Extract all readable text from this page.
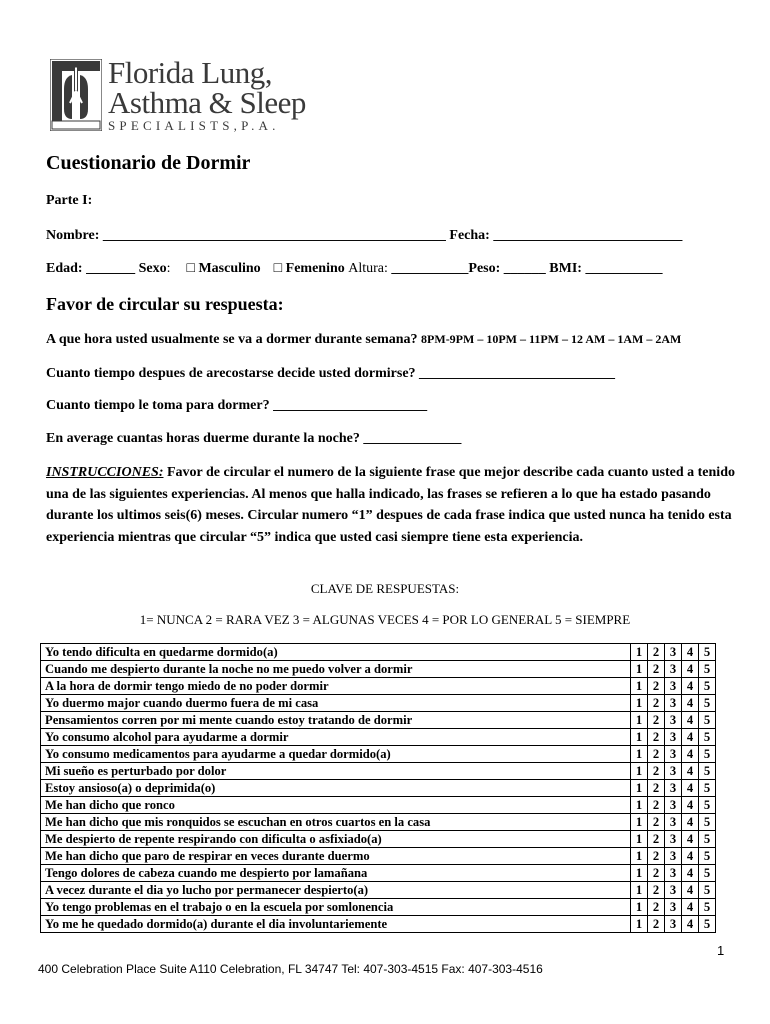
Florida Lung,
Asthma & Sleep
SPECIALISTS,P.A.
Cuestionario de Dormir
Parte I:
Nombre: _________________________________________________ Fecha: ___________________________
Edad: _______ Sexo: □ Masculino □ Femenino Altura: ___________Peso: ______ BMI: ___________
Favor de circular su respuesta:
A que hora usted usualmente se va a dormer durante semana? 8PM-9PM – 10PM – 11PM – 12 AM – 1AM – 2AM
Cuanto tiempo despues de arecostarse decide usted dormirse? ____________________________
Cuanto tiempo le toma para dormer? ______________________
En average cuantas horas duerme durante la noche? ______________
INSTRUCCIONES: Favor de circular el numero de la siguiente frase que mejor describe cada cuanto usted a tenido una de las siguientes experiencias. Al menos que halla indicado, las frases se refieren a lo que ha estado pasando durante los ultimos seis(6) meses. Circular numero “1” despues de cada frase indica que usted nunca ha tenido esta experiencia mientras que circular “5” indica que usted casi siempre tiene esta experiencia.
CLAVE DE RESPUESTAS:
1= NUNCA 2 = RARA VEZ 3 = ALGUNAS VECES 4 = POR LO GENERAL 5 = SIEMPRE
Yo tendo dificulta en quedarme dormido(a)	1	2	3	4	5
Cuando me despierto durante la noche no me puedo volver a dormir	1	2	3	4	5
A la hora de dormir tengo miedo de no poder dormir	1	2	3	4	5
Yo duermo major cuando duermo fuera de mi casa	1	2	3	4	5
Pensamientos corren por mi mente cuando estoy tratando de dormir	1	2	3	4	5
Yo consumo alcohol para ayudarme a dormir	1	2	3	4	5
Yo consumo medicamentos para ayudarme a quedar dormido(a)	1	2	3	4	5
Mi sueño es perturbado por dolor	1	2	3	4	5
Estoy ansioso(a) o deprimida(o)	1	2	3	4	5
Me han dicho que ronco	1	2	3	4	5
Me han dicho que mis ronquidos se escuchan en otros cuartos en la casa	1	2	3	4	5
Me despierto de repente respirando con dificulta o asfixiado(a)	1	2	3	4	5
Me han dicho que paro de respirar en veces durante duermo	1	2	3	4	5
Tengo dolores de cabeza cuando me despierto por lamañana	1	2	3	4	5
A vecez durante el dia yo lucho por permanecer despierto(a)	1	2	3	4	5
Yo tengo problemas en el trabajo o en la escuela por somlonencia	1	2	3	4	5
Yo me he quedado dormido(a) durante el dia involuntariemente	1	2	3	4	5
1
400 Celebration Place Suite A110 Celebration, FL 34747 Tel: 407-303-4515 Fax: 407-303-4516
